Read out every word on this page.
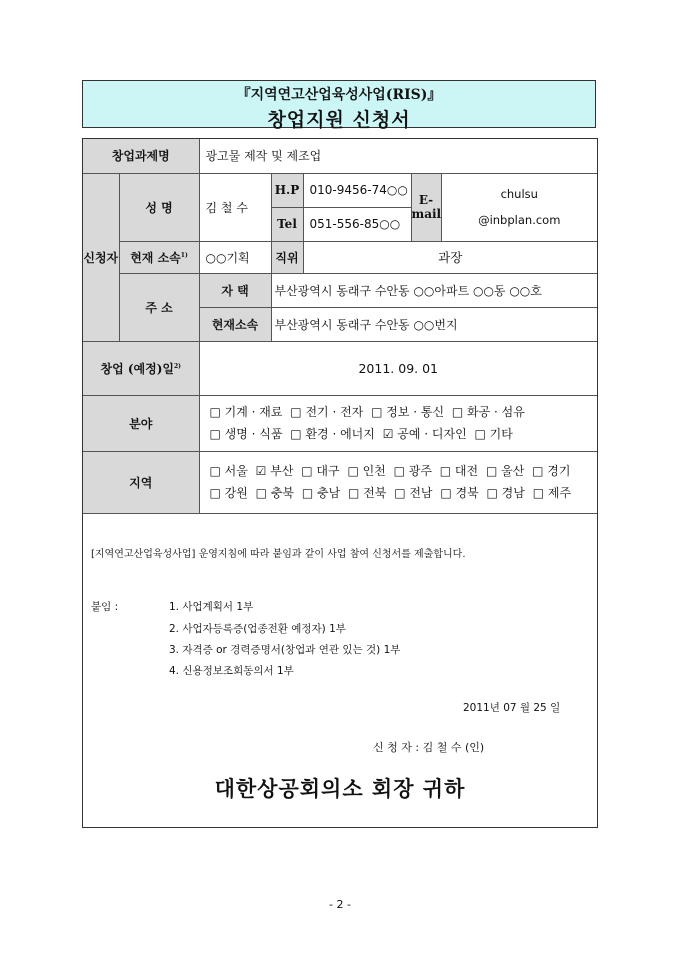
『지역연고산업육성사업(RIS)』
창업지원 신청서
창업과제명		광고물 제작 및 제조업				
신청자	성 명	김 철 수	H.P	010-9456-74○○	E-mail	chulsu
@inbplan.com

			Tel	051-556-85○○		
	현재 소속$^{1)}$	○○기획	직위	과장		
	주 소	자 택	부산광역시 동래구 수안동 ○○아파트 ○○동 ○○호			
		현재소속	부산광역시 동래구 수안동 ○○번지			
창업 (예정)일$^{2)}$		2011. 09. 01				
분야		□ 기계 · 재료 □ 전기 · 전자 □ 정보 · 통신 □ 화공 · 섬유
□ 생명 · 식품 □ 환경 · 에너지 ☑ 공예 · 디자인 □ 기타				

지역		□ 서울 ☑ 부산 □ 대구 □ 인천 □ 광주 □ 대전 □ 울산 □ 경기
□ 강원 □ 충북 □ 충남 □ 전북 □ 전남 □ 경북 □ 경남 □ 제주				
[지역연고산업육성사업] 운영지침에 따라 붙임과 같이 사업 참여 신청서를 제출합니다.
붙임 :	1. 사업계획서 1부
2. 사업자등록증(업종전환 예정자) 1부
3. 자격증 or 경력증명서(창업과 연관 있는 것) 1부
4. 신용정보조회동의서 1부
2011년 07 월 25 일
신 청 자 : 김 철 수 (인)
대한상공회의소 회장 귀하
- 2 -
